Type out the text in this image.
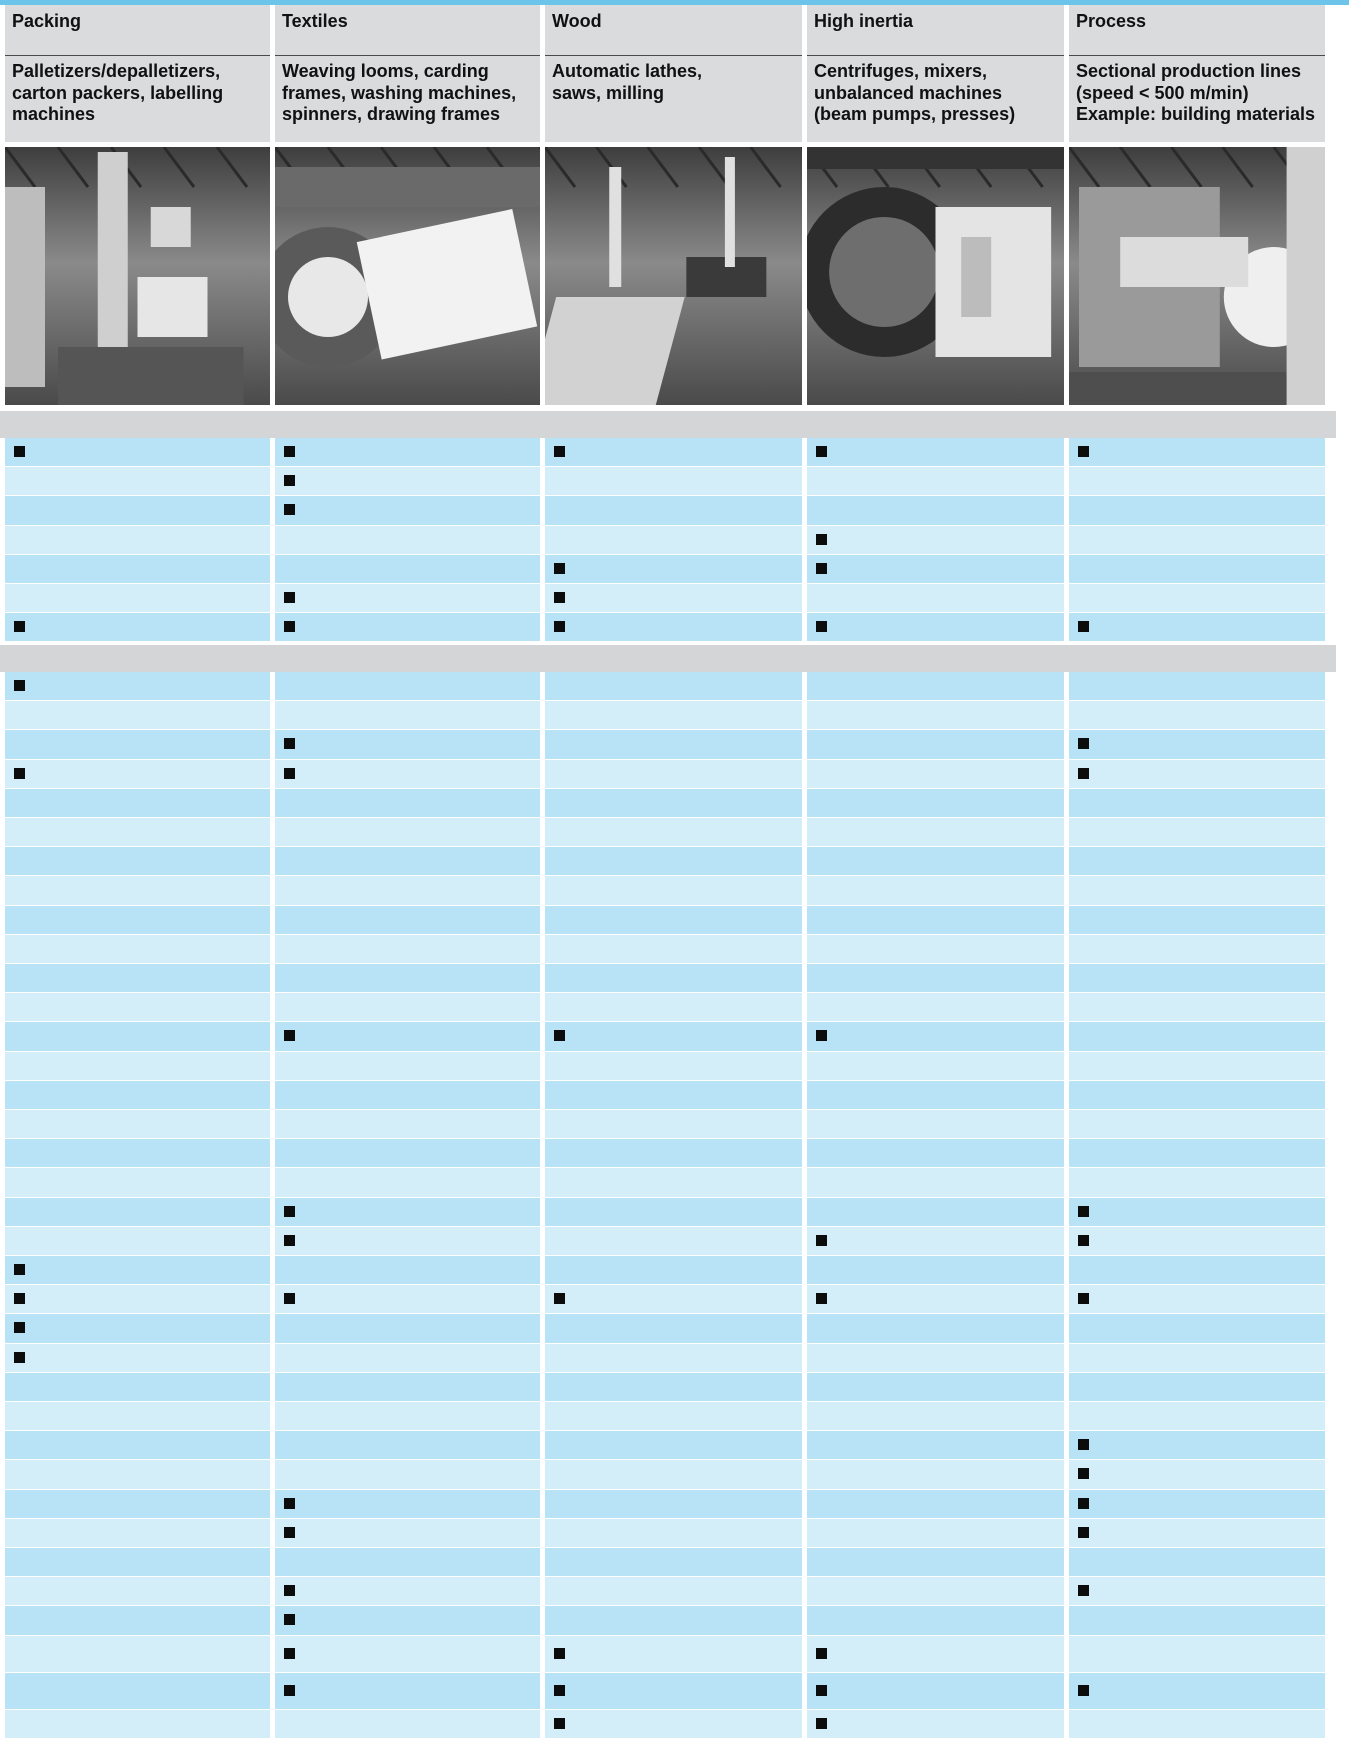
Packing
Palletizers/depalletizers,
carton packers, labelling
machines
Textiles
Weaving looms, carding
frames, washing machines,
spinners, drawing frames
Wood
Automatic lathes,
saws, milling
High inertia
Centrifuges, mixers,
unbalanced machines
(beam pumps, presses)
Process
Sectional production lines
(speed < 500 m/min)
Example: building materials
